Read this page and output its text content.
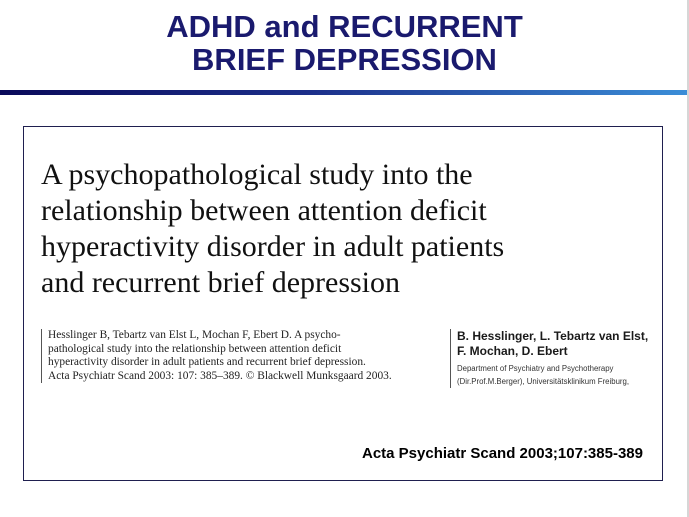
ADHD and RECURRENT
BRIEF DEPRESSION
A psychopathological study into the
relationship between attention deficit
hyperactivity disorder in adult patients
and recurrent brief depression
Hesslinger B, Tebartz van Elst L, Mochan F, Ebert D. A psycho-
pathological study into the relationship between attention deficit
hyperactivity disorder in adult patients and recurrent brief depression.
Acta Psychiatr Scand 2003: 107: 385–389. © Blackwell Munksgaard 2003.
B. Hesslinger, L. Tebartz van Elst,
F. Mochan, D. Ebert
Department of Psychiatry and Psychotherapy
(Dir.Prof.M.Berger), Universitätsklinikum Freiburg,
Acta Psychiatr Scand 2003;107:385-389
